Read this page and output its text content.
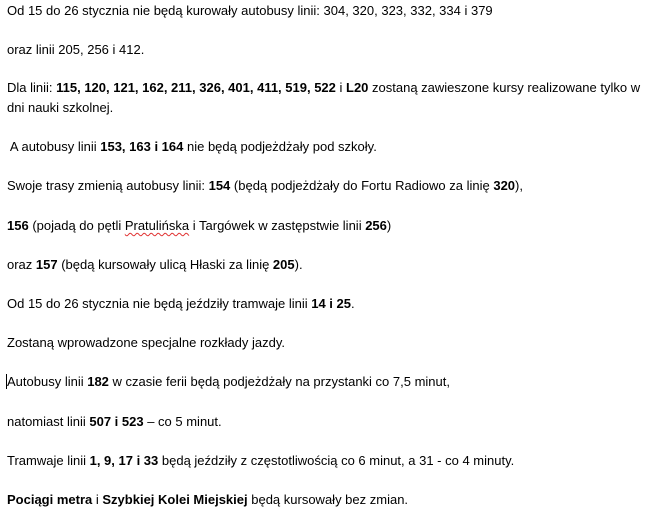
Od 15 do 26 stycznia nie będą kurowały autobusy linii: 304, 320, 323, 332, 334 i 379
oraz linii 205, 256 i 412.
Dla linii: 115, 120, 121, 162, 211, 326, 401, 411, 519, 522 i L20 zostaną zawieszone kursy realizowane tylko w dni nauki szkolnej.
A autobusy linii 153, 163 i 164 nie będą podjeżdżały pod szkoły.
Swoje trasy zmienią autobusy linii: 154 (będą podjeżdżały do Fortu Radiowo za linię 320),
156 (pojadą do pętli Pratulińska i Targówek w zastępstwie linii 256)
oraz 157 (będą kursowały ulicą Hłaski za linię 205).
Od 15 do 26 stycznia nie będą jeździły tramwaje linii 14 i 25.
Zostaną wprowadzone specjalne rozkłady jazdy.
Autobusy linii 182 w czasie ferii będą podjeżdżały na przystanki co 7,5 minut,
natomiast linii 507 i 523 – co 5 minut.
Tramwaje linii 1, 9, 17 i 33 będą jeździły z częstotliwością co 6 minut, a 31 - co 4 minuty.
Pociągi metra i Szybkiej Kolei Miejskiej będą kursowały bez zmian.
